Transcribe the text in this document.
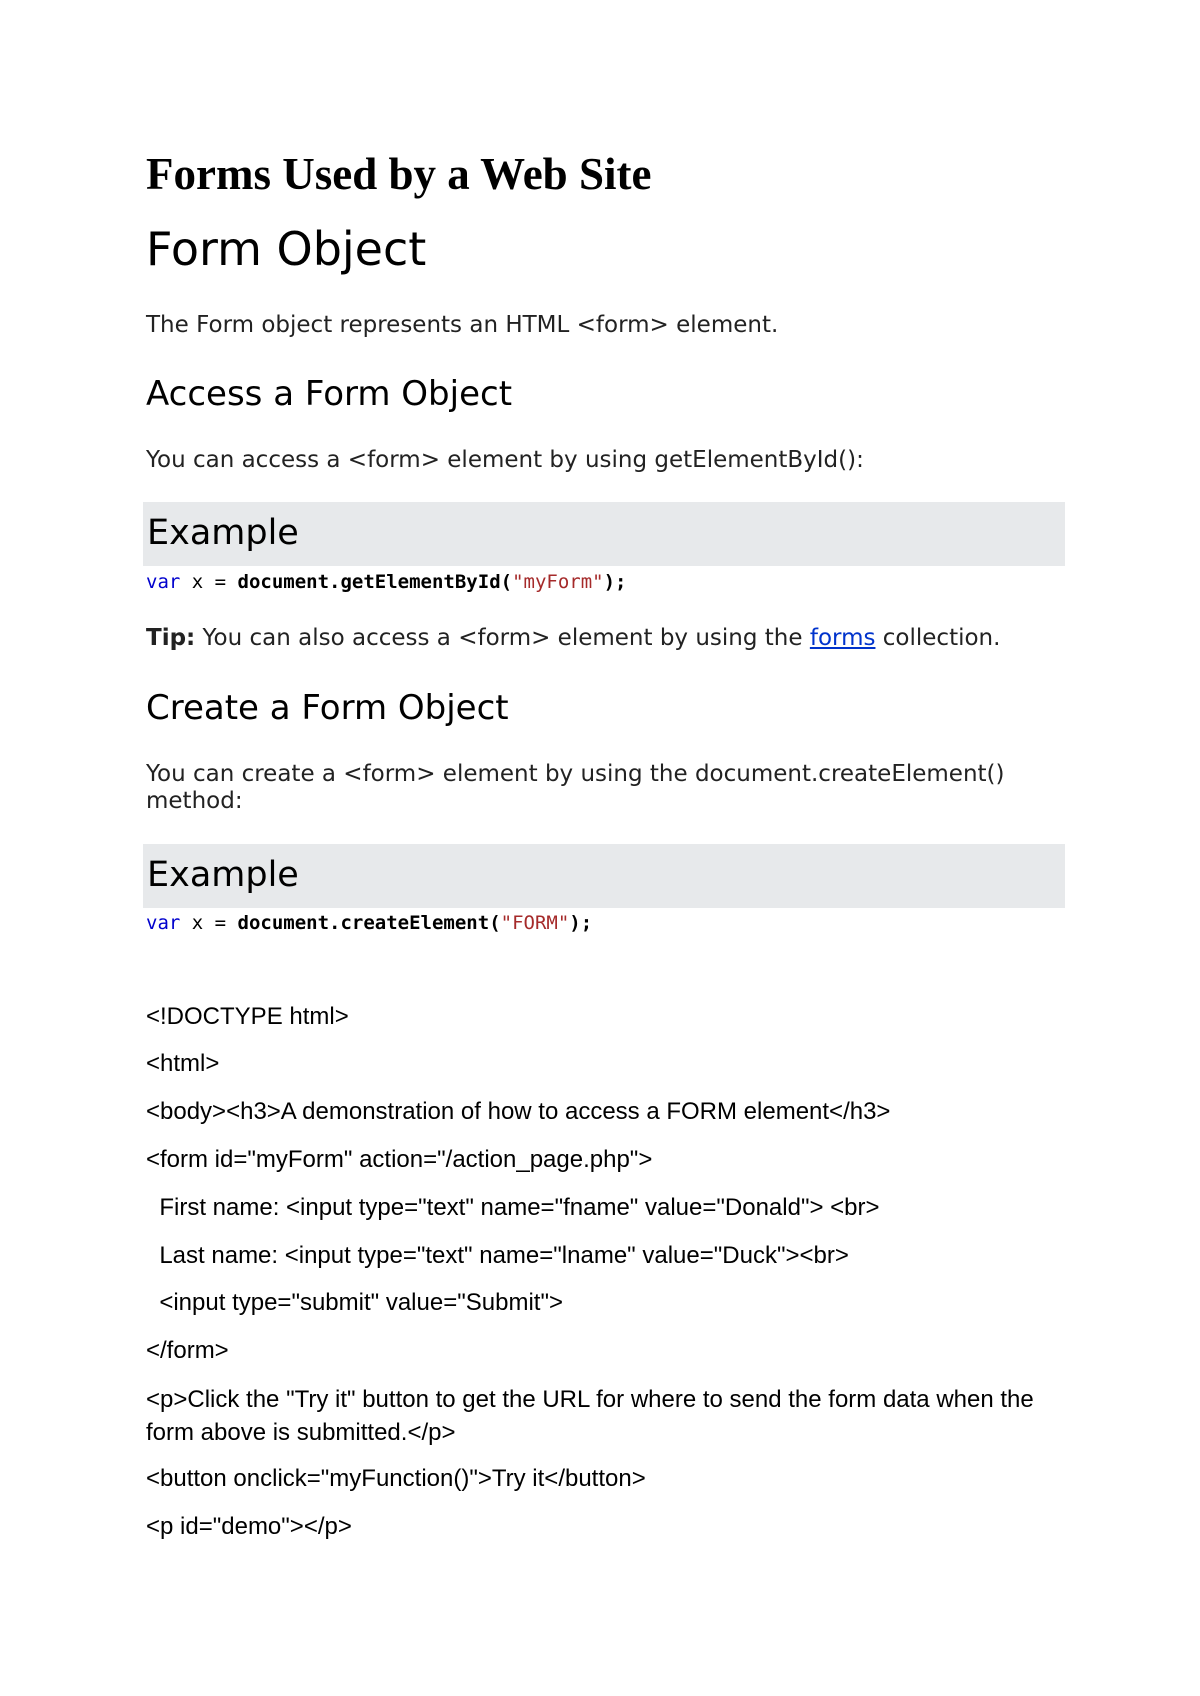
Forms Used by a Web Site
Form Object
The Form object represents an HTML <form> element.
Access a Form Object
You can access a <form> element by using getElementById():
Example
var x = document.getElementById("myForm");
Tip: You can also access a <form> element by using the forms collection.
Create a Form Object
You can create a <form> element by using the document.createElement()
method:
Example
var x = document.createElement("FORM");
<!DOCTYPE html>
<html>
<body><h3>A demonstration of how to access a FORM element</h3>
<form id="myForm" action="/action_page.php">
First name: <input type="text" name="fname" value="Donald"> <br>
Last name: <input type="text" name="lname" value="Duck"><br>
<input type="submit" value="Submit">
</form>
<p>Click the "Try it" button to get the URL for where to send the form data when the form above is submitted.</p>
<button onclick="myFunction()">Try it</button>
<p id="demo"></p>
